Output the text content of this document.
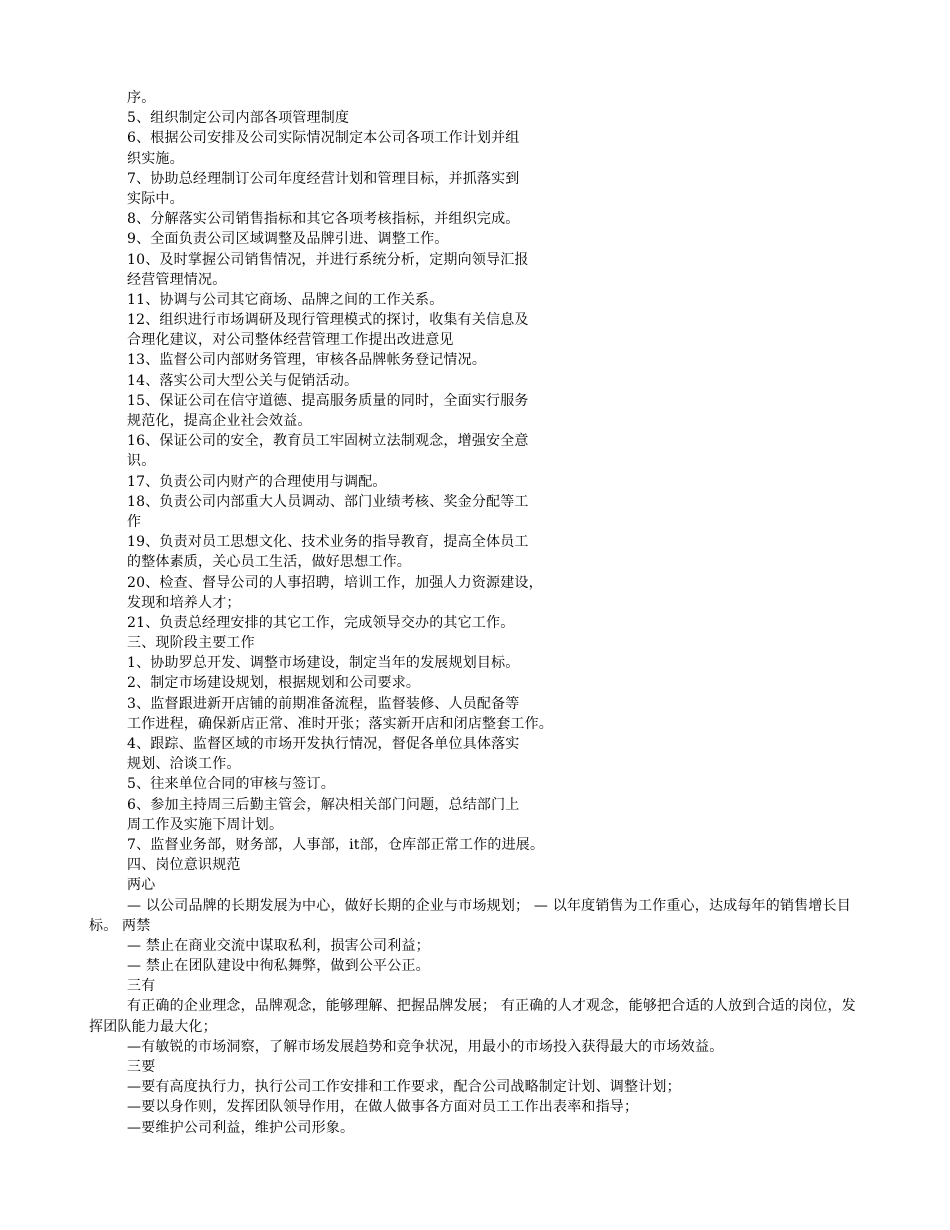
序。
5、组织制定公司内部各项管理制度
6、根据公司安排及公司实际情况制定本公司各项工作计划并组
织实施。
7、协助总经理制订公司年度经营计划和管理目标，并抓落实到
实际中。
8、分解落实公司销售指标和其它各项考核指标，并组织完成。
9、全面负责公司区域调整及品牌引进、调整工作。
10、及时掌握公司销售情况，并进行系统分析，定期向领导汇报
经营管理情况。
11、协调与公司其它商场、品牌之间的工作关系。
12、组织进行市场调研及现行管理模式的探讨，收集有关信息及
合理化建议，对公司整体经营管理工作提出改进意见
13、监督公司内部财务管理，审核各品牌帐务登记情况。
14、落实公司大型公关与促销活动。
15、保证公司在信守道德、提高服务质量的同时，全面实行服务
规范化，提高企业社会效益。
16、保证公司的安全，教育员工牢固树立法制观念，增强安全意
识。
17、负责公司内财产的合理使用与调配。
18、负责公司内部重大人员调动、部门业绩考核、奖金分配等工
作
19、负责对员工思想文化、技术业务的指导教育，提高全体员工
的整体素质，关心员工生活，做好思想工作。
20、检查、督导公司的人事招聘，培训工作，加强人力资源建设，
发现和培养人才；
21、负责总经理安排的其它工作，完成领导交办的其它工作。
三、现阶段主要工作
1、协助罗总开发、调整市场建设，制定当年的发展规划目标。
2、制定市场建设规划，根据规划和公司要求。
3、监督跟进新开店铺的前期准备流程，监督装修、人员配备等
工作进程，确保新店正常、准时开张；落实新开店和闭店整套工作。
4、跟踪、监督区域的市场开发执行情况，督促各单位具体落实
规划、洽谈工作。
5、往来单位合同的审核与签订。
6、参加主持周三后勤主管会，解决相关部门问题，总结部门上
周工作及实施下周计划。
7、监督业务部，财务部，人事部，it部，仓库部正常工作的进展。
四、岗位意识规范
两心
— 以公司品牌的长期发展为中心，做好长期的企业与市场规划； — 以年度销售为工作重心，达成每年的销售增长目标。 两禁
— 禁止在商业交流中谋取私利，损害公司利益；
— 禁止在团队建设中徇私舞弊，做到公平公正。
三有
有正确的企业理念，品牌观念，能够理解、把握品牌发展； 有正确的人才观念，能够把合适的人放到合适的岗位，发挥团队能力最大化；
—有敏锐的市场洞察，了解市场发展趋势和竞争状况，用最小的市场投入获得最大的市场效益。
三要
—要有高度执行力，执行公司工作安排和工作要求，配合公司战略制定计划、调整计划；
—要以身作则，发挥团队领导作用，在做人做事各方面对员工工作出表率和指导；
—要维护公司利益，维护公司形象。
